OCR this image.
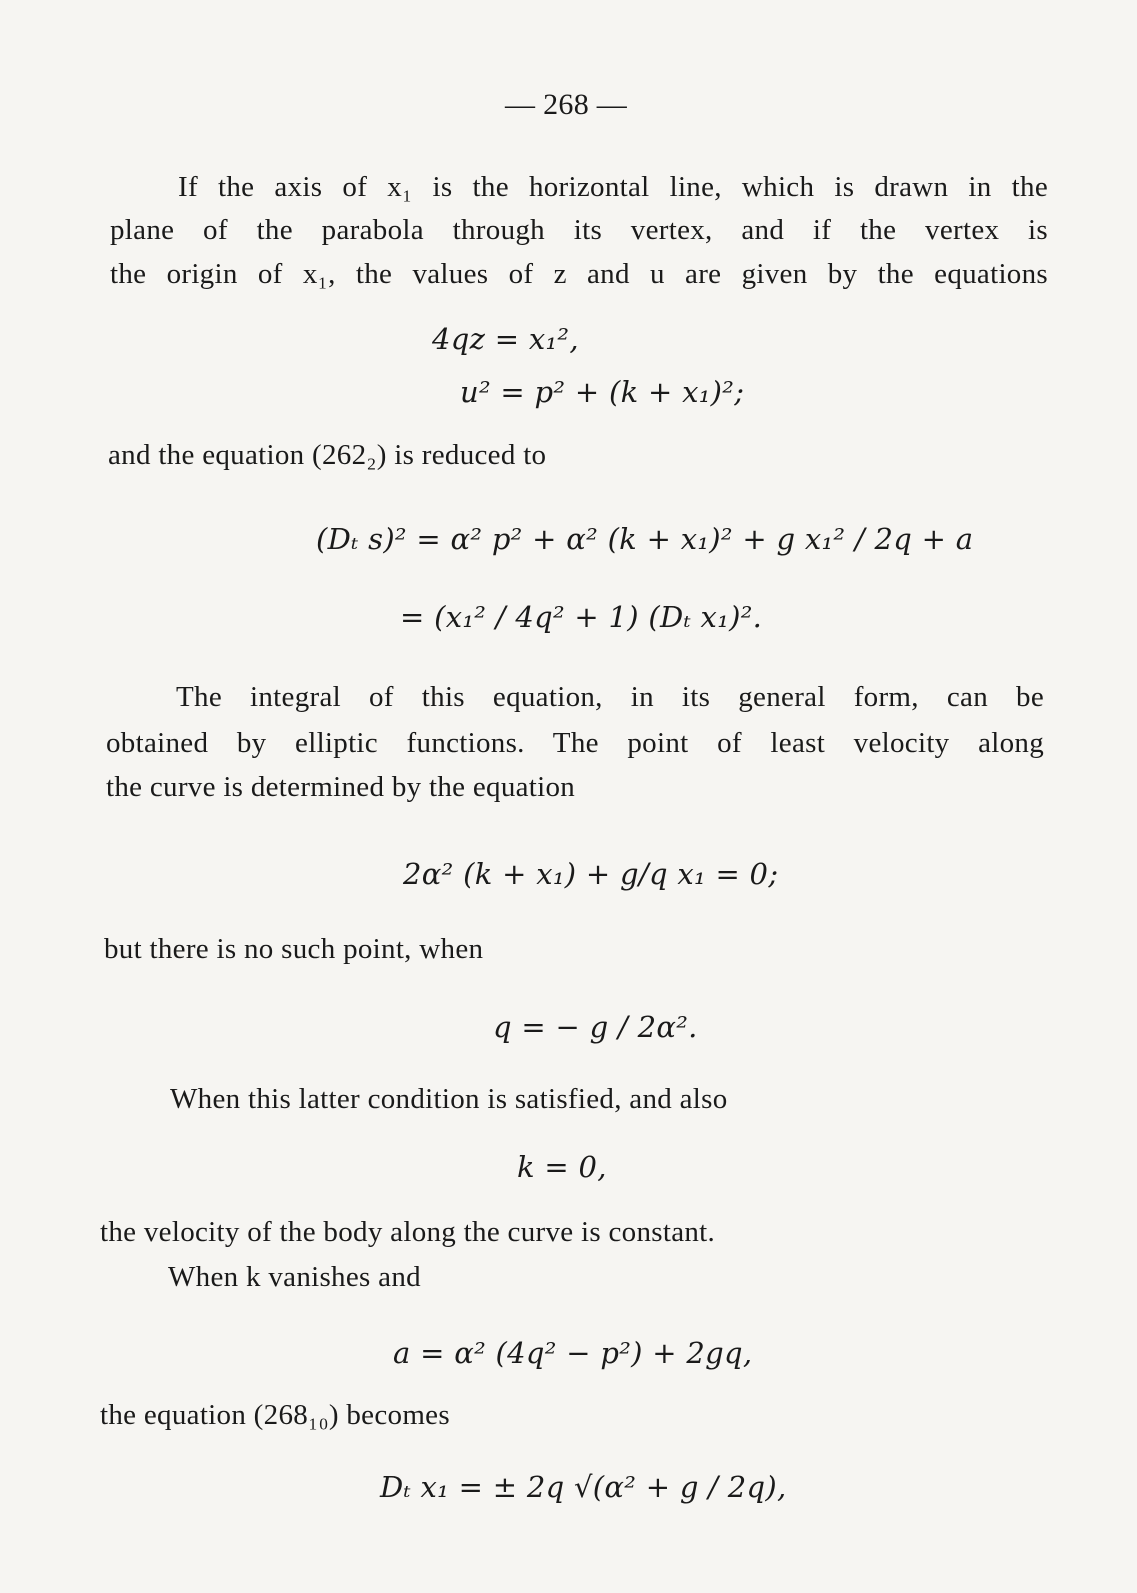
— 268 —
If the axis of x₁ is the horizontal line, which is drawn in the
plane of the parabola through its vertex, and if the vertex is
the origin of x₁, the values of z and u are given by the equations
4qz = x₁²,
u² = p² + (k + x₁)²;
and the equation (262₂) is reduced to
(Dₜ s)² = α² p² + α² (k + x₁)² + g x₁² / 2q + a
= (x₁² / 4q² + 1) (Dₜ x₁)².
The integral of this equation, in its general form, can be
obtained by elliptic functions. The point of least velocity along
the curve is determined by the equation
2α² (k + x₁) + g/q x₁ = 0;
but there is no such point, when
q = − g / 2α².
When this latter condition is satisfied, and also
k = 0,
the velocity of the body along the curve is constant.
When k vanishes and
a = α² (4q² − p²) + 2gq,
the equation (268₁₀) becomes
Dₜ x₁ = ± 2q √(α² + g / 2q),
